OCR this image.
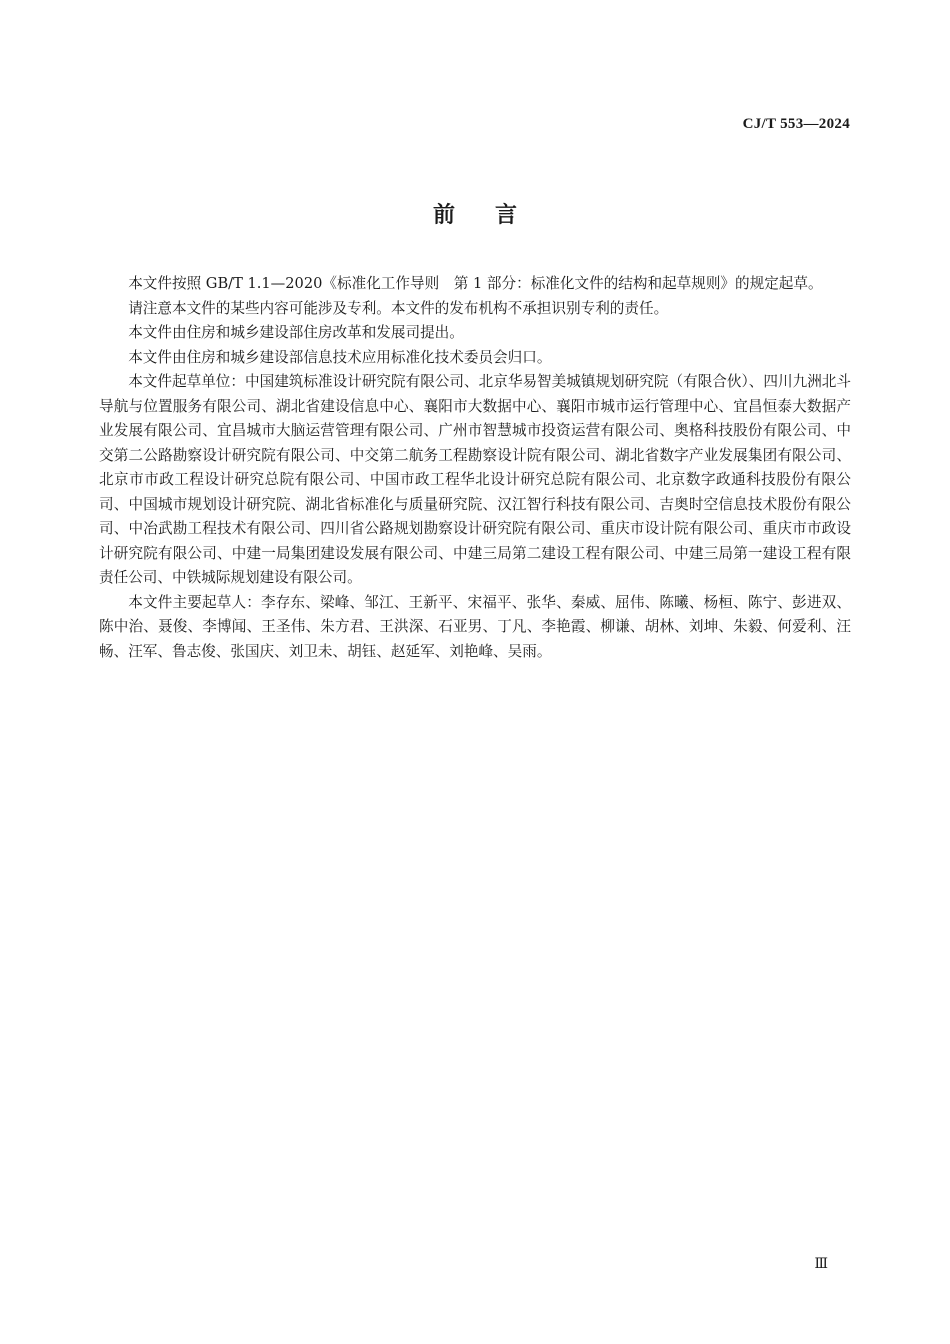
CJ/T 553—2024
前言

本文件按照 GB/T 1.1—2020《标准化工作导则　第 1 部分：标准化文件的结构和起草规则》的规定起草。

请注意本文件的某些内容可能涉及专利。本文件的发布机构不承担识别专利的责任。

本文件由住房和城乡建设部住房改革和发展司提出。

本文件由住房和城乡建设部信息技术应用标准化技术委员会归口。

本文件起草单位：中国建筑标准设计研究院有限公司、北京华易智美城镇规划研究院（有限合伙）、四川九洲北斗导航与位置服务有限公司、湖北省建设信息中心、襄阳市大数据中心、襄阳市城市运行管理中心、宜昌恒泰大数据产业发展有限公司、宜昌城市大脑运营管理有限公司、广州市智慧城市投资运营有限公司、奥格科技股份有限公司、中交第二公路勘察设计研究院有限公司、中交第二航务工程勘察设计院有限公司、湖北省数字产业发展集团有限公司、北京市市政工程设计研究总院有限公司、中国市政工程华北设计研究总院有限公司、北京数字政通科技股份有限公司、中国城市规划设计研究院、湖北省标准化与质量研究院、汉江智行科技有限公司、吉奥时空信息技术股份有限公司、中冶武勘工程技术有限公司、四川省公路规划勘察设计研究院有限公司、重庆市设计院有限公司、重庆市市政设计研究院有限公司、中建一局集团建设发展有限公司、中建三局第二建设工程有限公司、中建三局第一建设工程有限责任公司、中铁城际规划建设有限公司。

本文件主要起草人：李存东、梁峰、邹江、王新平、宋福平、张华、秦威、屈伟、陈曦、杨桓、陈宁、彭进双、陈中治、聂俊、李博闻、王圣伟、朱方君、王洪深、石亚男、丁凡、李艳霞、柳谦、胡林、刘坤、朱毅、何爱利、汪畅、汪军、鲁志俊、张国庆、刘卫未、胡钰、赵延军、刘艳峰、吴雨。

Ⅲ
